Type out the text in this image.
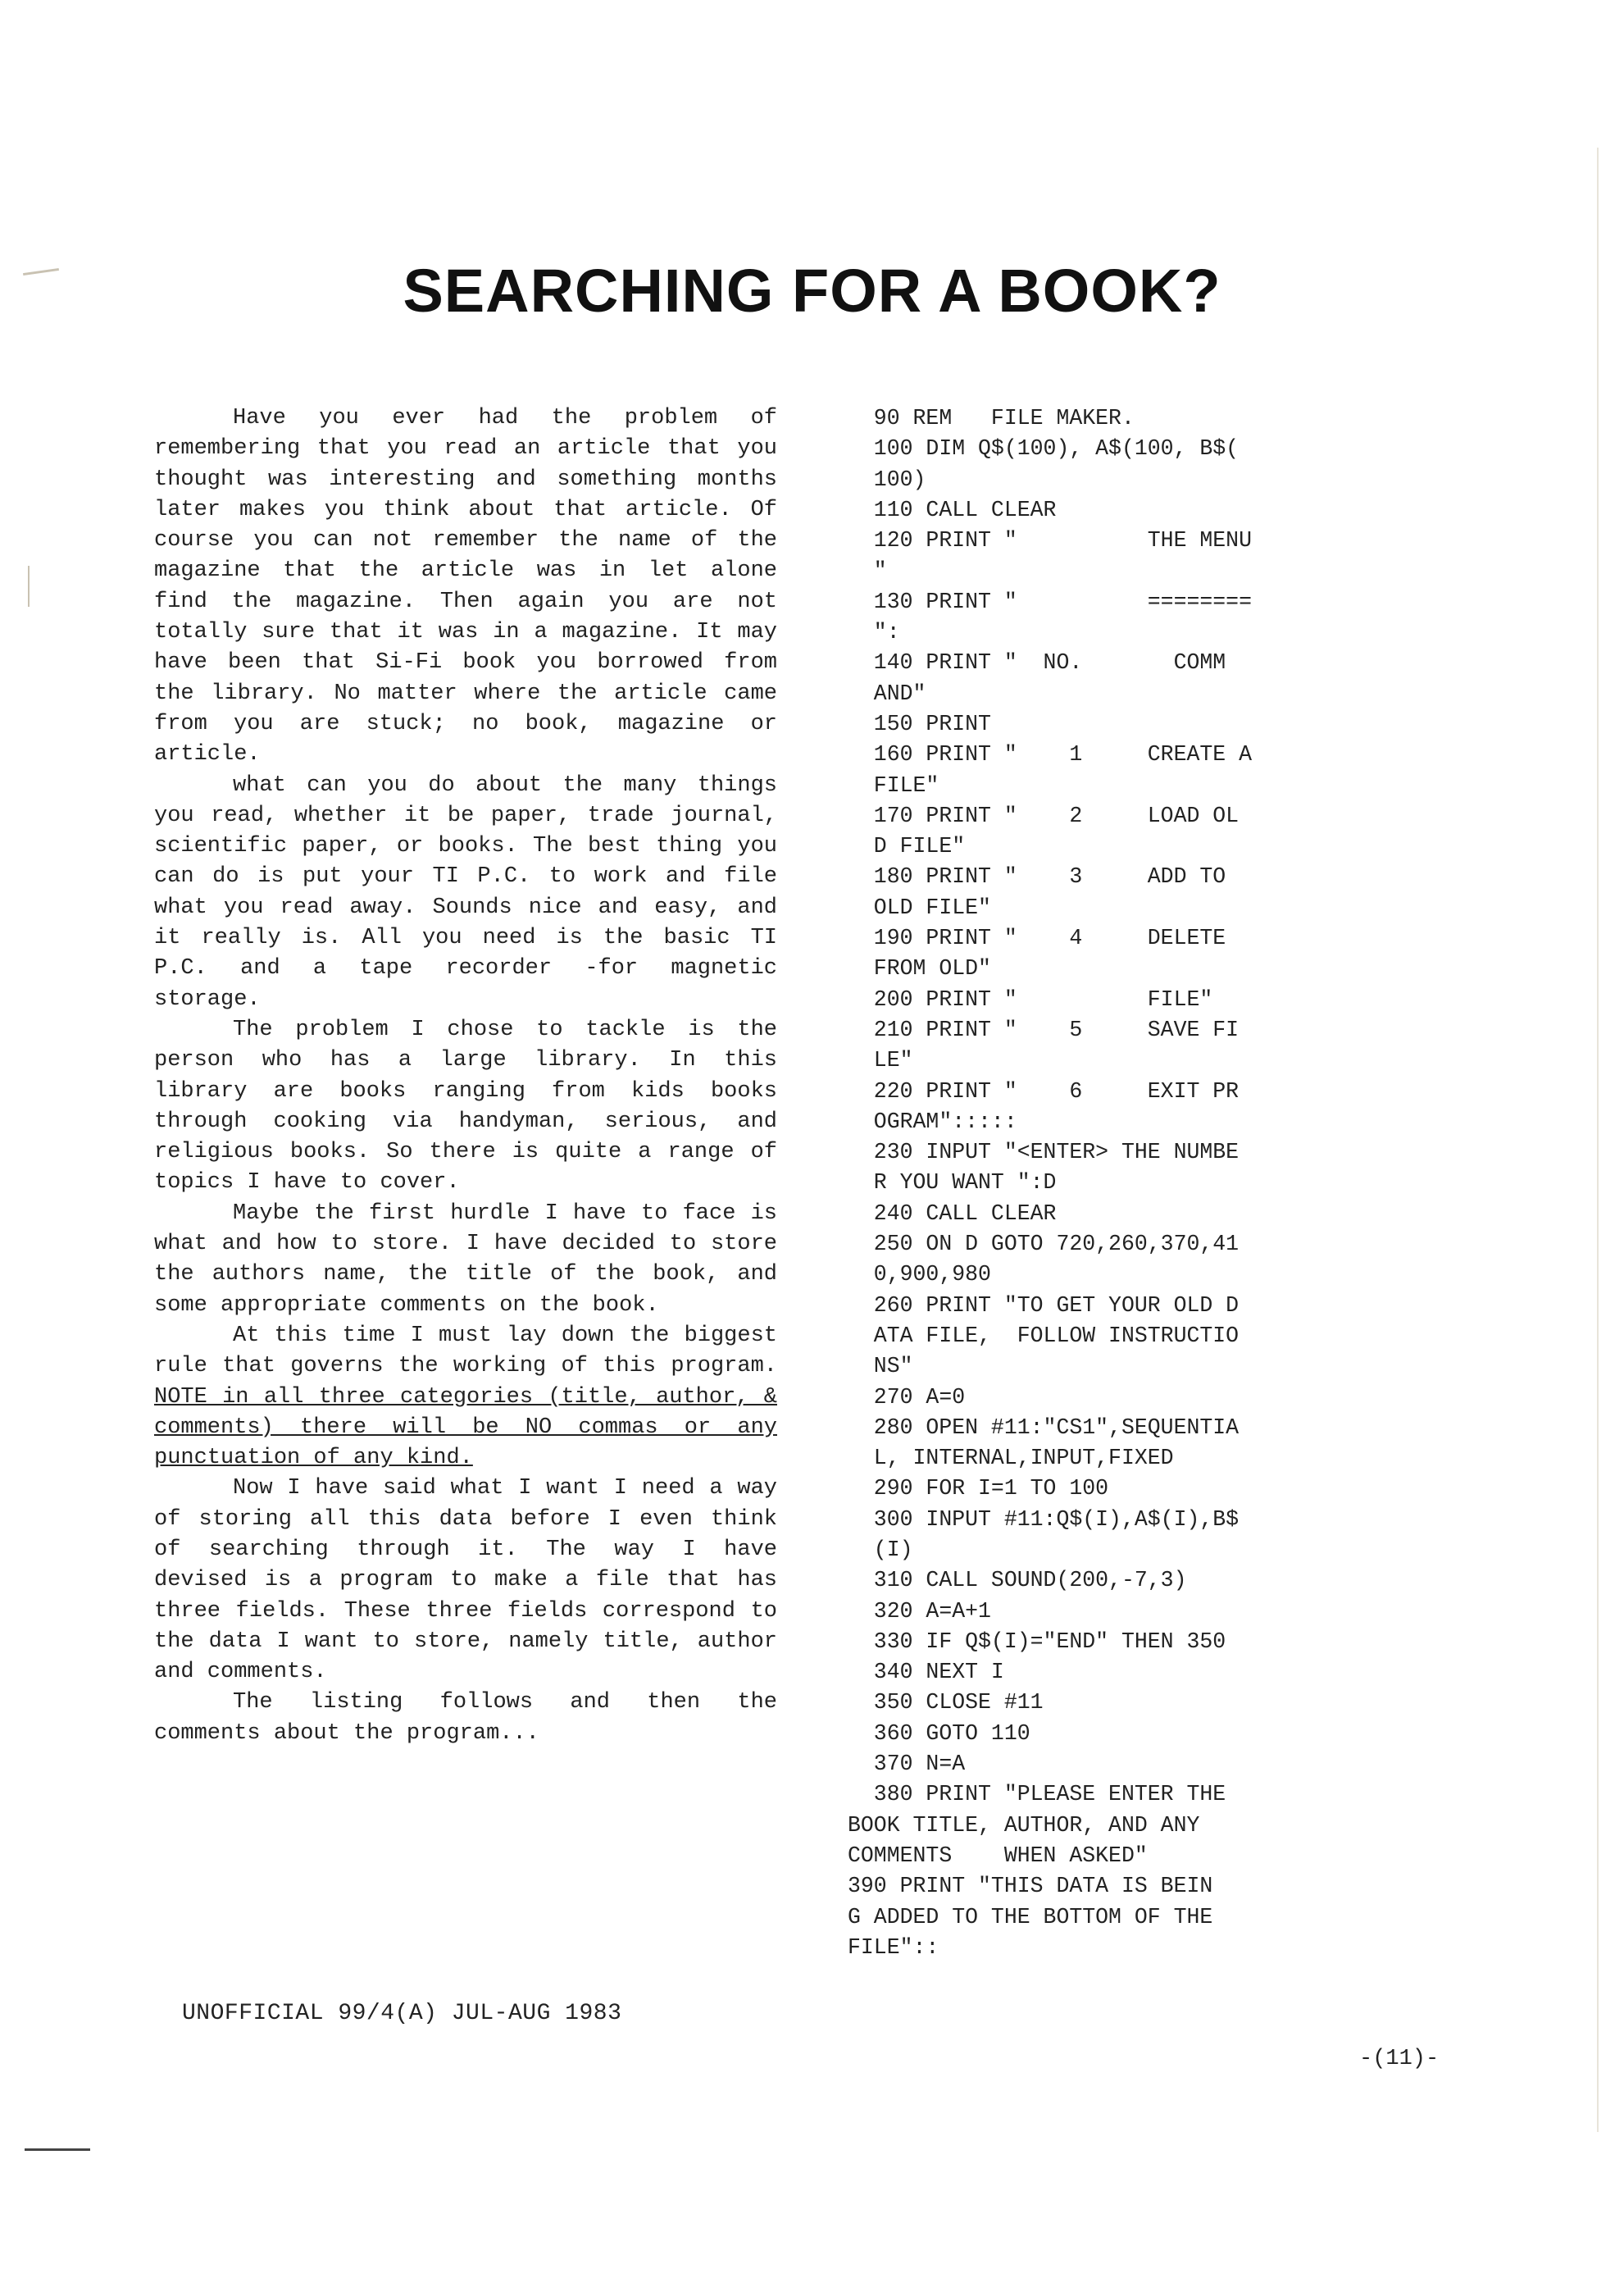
SEARCHING FOR A BOOK?

Have you ever had the problem of remembering that you read an article that you thought was interesting and something months later makes you think about that article. Of course you can not remember the name of the magazine that the article was in let alone find the magazine. Then again you are not totally sure that it was in a magazine. It may have been that Si-Fi book you borrowed from the library. No matter where the article came from you are stuck; no book, magazine or article.

what can you do about the many things you read, whether it be paper, trade journal, scientific paper, or books. The best thing you can do is put your TI P.C. to work and file what you read away. Sounds nice and easy, and it really is. All you need is the basic TI P.C. and a tape recorder -for magnetic storage.

The problem I chose to tackle is the person who has a large library. In this library are books ranging from kids books through cooking via handyman, serious, and religious books. So there is quite a range of topics I have to cover.

Maybe the first hurdle I have to face is what and how to store. I have decided to store the authors name, the title of the book, and some appropriate comments on the book.

At this time I must lay down the biggest rule that governs the working of this program. NOTE in all three categories (title, author, & comments) there will be NO commas or any punctuation of any kind.

Now I have said what I want I need a way of storing all this data before I even think of searching through it. The way I have devised is a program to make a file that has three fields. These three fields correspond to the data I want to store, namely title, author and comments.

The listing follows and then the comments about the program...

90 REM   FILE MAKER.
100 DIM Q$(100), A$(100, B$(
100)
110 CALL CLEAR
120 PRINT "          THE MENU
"
130 PRINT "          ========
":
140 PRINT "  NO.       COMM
AND"
150 PRINT
160 PRINT "    1     CREATE A
FILE"
170 PRINT "    2     LOAD OL
D FILE"
180 PRINT "    3     ADD TO
OLD FILE"
190 PRINT "    4     DELETE
FROM OLD"
200 PRINT "          FILE"
210 PRINT "    5     SAVE FI
LE"
220 PRINT "    6     EXIT PR
OGRAM":::::
230 INPUT "<ENTER> THE NUMBE
R YOU WANT ":D
240 CALL CLEAR
250 ON D GOTO 720,260,370,41
0,900,980
260 PRINT "TO GET YOUR OLD D
ATA FILE,  FOLLOW INSTRUCTIO
NS"
270 A=0
280 OPEN #11:"CS1",SEQUENTIA
L, INTERNAL,INPUT,FIXED
290 FOR I=1 TO 100
300 INPUT #11:Q$(I),A$(I),B$
(I)
310 CALL SOUND(200,-7,3)
320 A=A+1
330 IF Q$(I)="END" THEN 350
340 NEXT I
350 CLOSE #11
360 GOTO 110
370 N=A
380 PRINT "PLEASE ENTER THE
BOOK TITLE, AUTHOR, AND ANY
COMMENTS    WHEN ASKED"
390 PRINT "THIS DATA IS BEIN
G ADDED TO THE BOTTOM OF THE
FILE"::
UNOFFICIAL 99/4(A) JUL-AUG 1983
-(11)-
